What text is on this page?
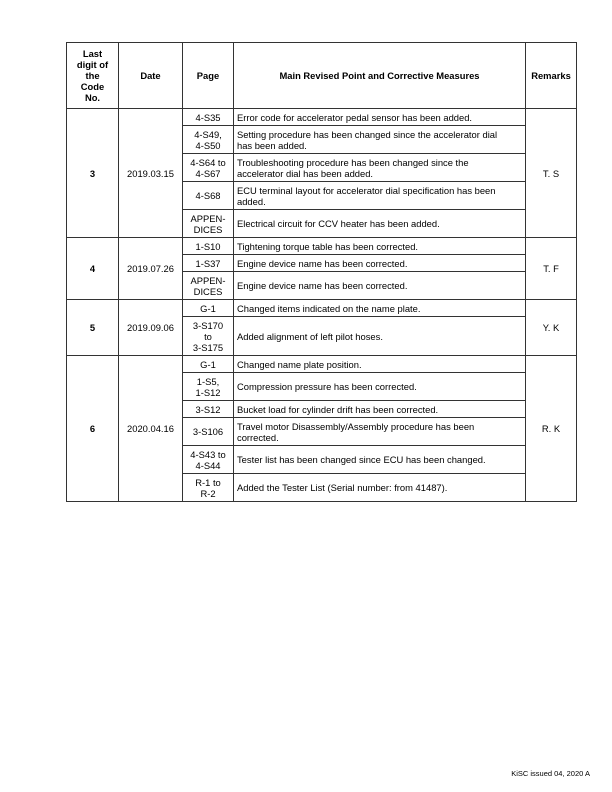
Last
digit of
the
Code
No.	Date	Page	Main Revised Point and Corrective Measures	Remarks
3	2019.03.15	4-S35	Error code for accelerator pedal sensor has been added.	T. S

		4-S49,
4-S50	Setting procedure has been changed since the accelerator dial
has been added.	

		4-S64 to
4-S67	Troubleshooting procedure has been changed since the
accelerator dial has been added.	

		4-S68	ECU terminal layout for accelerator dial specification has been
added.	

		APPEN-
DICES	Electrical circuit for CCV heater has been added.	

4	2019.07.26	1-S10	Tightening torque table has been corrected.	T. F

		1-S37	Engine device name has been corrected.	

		APPEN-
DICES	Engine device name has been corrected.	

5	2019.09.06	G-1	Changed items indicated on the name plate.	Y. K

		3-S170
to
3-S175	Added alignment of left pilot hoses.	

6	2020.04.16	G-1	Changed name plate position.	R. K

		1-S5,
1-S12	Compression pressure has been corrected.	

		3-S12	Bucket load for cylinder drift has been corrected.	

		3-S106	Travel motor Disassembly/Assembly procedure has been
corrected.	

		4-S43 to
4-S44	Tester list has been changed since ECU has been changed.	

		R-1 to
R-2	Added the Tester List (Serial number: from 41487).	
KiSC issued 04, 2020 A
